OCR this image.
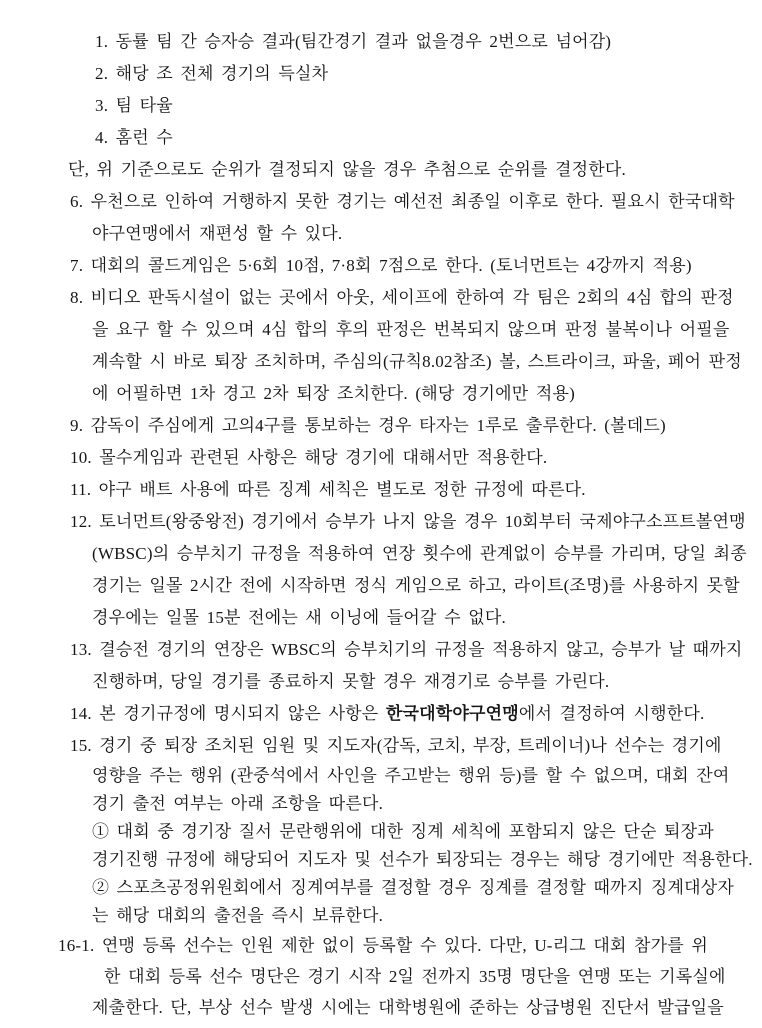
1. 동률 팀 간 승자승 결과(팀간경기 결과 없을경우 2번으로 넘어감)
2. 해당 조 전체 경기의 득실차
3. 팀 타율
4. 홈런 수
단, 위 기준으로도 순위가 결정되지 않을 경우 추첨으로 순위를 결정한다.
6. 우천으로 인하여 거행하지 못한 경기는 예선전 최종일 이후로 한다. 필요시 한국대학
야구연맹에서 재편성 할 수 있다.
7. 대회의 콜드게임은 5·6회 10점, 7·8회 7점으로 한다. (토너먼트는 4강까지 적용)
8. 비디오 판독시설이 없는 곳에서 아웃, 세이프에 한하여 각 팀은 2회의 4심 합의 판정
을 요구 할 수 있으며 4심 합의 후의 판정은 번복되지 않으며 판정 불복이나 어필을
계속할 시 바로 퇴장 조치하며, 주심의(규칙8.02참조) 볼, 스트라이크, 파울, 페어 판정
에 어필하면 1차 경고 2차 퇴장 조치한다. (해당 경기에만 적용)
9. 감독이 주심에게 고의4구를 통보하는 경우 타자는 1루로 출루한다. (볼데드)
10. 몰수게임과 관련된 사항은 해당 경기에 대해서만 적용한다.
11. 야구 배트 사용에 따른 징계 세칙은 별도로 정한 규정에 따른다.
12. 토너먼트(왕중왕전) 경기에서 승부가 나지 않을 경우 10회부터 국제야구소프트볼연맹
(WBSC)의 승부치기 규정을 적용하여 연장 횟수에 관계없이 승부를 가리며, 당일 최종
경기는 일몰 2시간 전에 시작하면 정식 게임으로 하고, 라이트(조명)를 사용하지 못할
경우에는 일몰 15분 전에는 새 이닝에 들어갈 수 없다.
13. 결승전 경기의 연장은 WBSC의 승부치기의 규정을 적용하지 않고, 승부가 날 때까지
진행하며, 당일 경기를 종료하지 못할 경우 재경기로 승부를 가린다.
14. 본 경기규정에 명시되지 않은 사항은 한국대학야구연맹에서 결정하여 시행한다.
15. 경기 중 퇴장 조치된 임원 및 지도자(감독, 코치, 부장, 트레이너)나 선수는 경기에
영향을 주는 행위 (관중석에서 사인을 주고받는 행위 등)를 할 수 없으며, 대회 잔여
경기 출전 여부는 아래 조항을 따른다.
① 대회 중 경기장 질서 문란행위에 대한 징계 세칙에 포함되지 않은 단순 퇴장과
경기진행 규정에 해당되어 지도자 및 선수가 퇴장되는 경우는 해당 경기에만 적용한다.
② 스포츠공정위원회에서 징계여부를 결정할 경우 징계를 결정할 때까지 징계대상자
는 해당 대회의 출전을 즉시 보류한다.
16-1. 연맹 등록 선수는 인원 제한 없이 등록할 수 있다. 다만, U-리그 대회 참가를 위
한 대회 등록 선수 명단은 경기 시작 2일 전까지 35명 명단을 연맹 또는 기록실에
제출한다. 단, 부상 선수 발생 시에는 대학병원에 준하는 상급병원 진단서 발급일을
